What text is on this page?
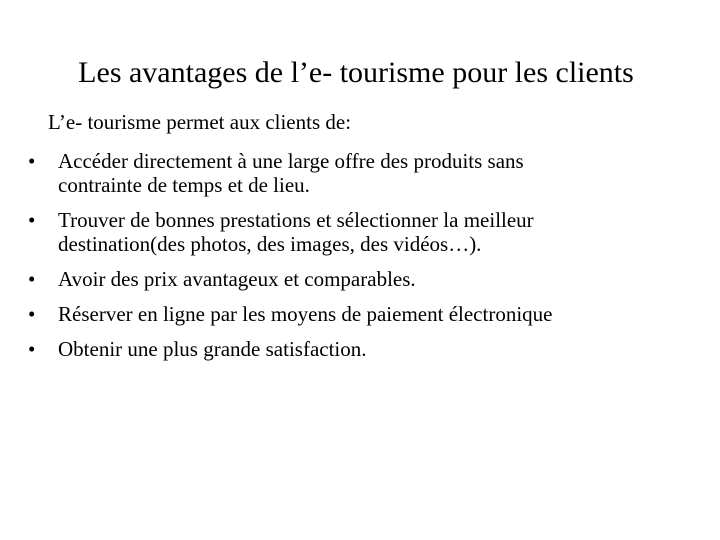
Les avantages de l’e- tourisme pour les clients
L’e- tourisme permet aux clients de:
•	Accéder directement à une large offre des produits sans
contrainte de temps et de lieu.
•	Trouver de bonnes prestations et sélectionner la meilleur
destination(des photos, des images, des vidéos…).
•	Avoir des prix avantageux et comparables.
•	Réserver en ligne par les moyens de paiement électronique
•	Obtenir une plus grande satisfaction.
